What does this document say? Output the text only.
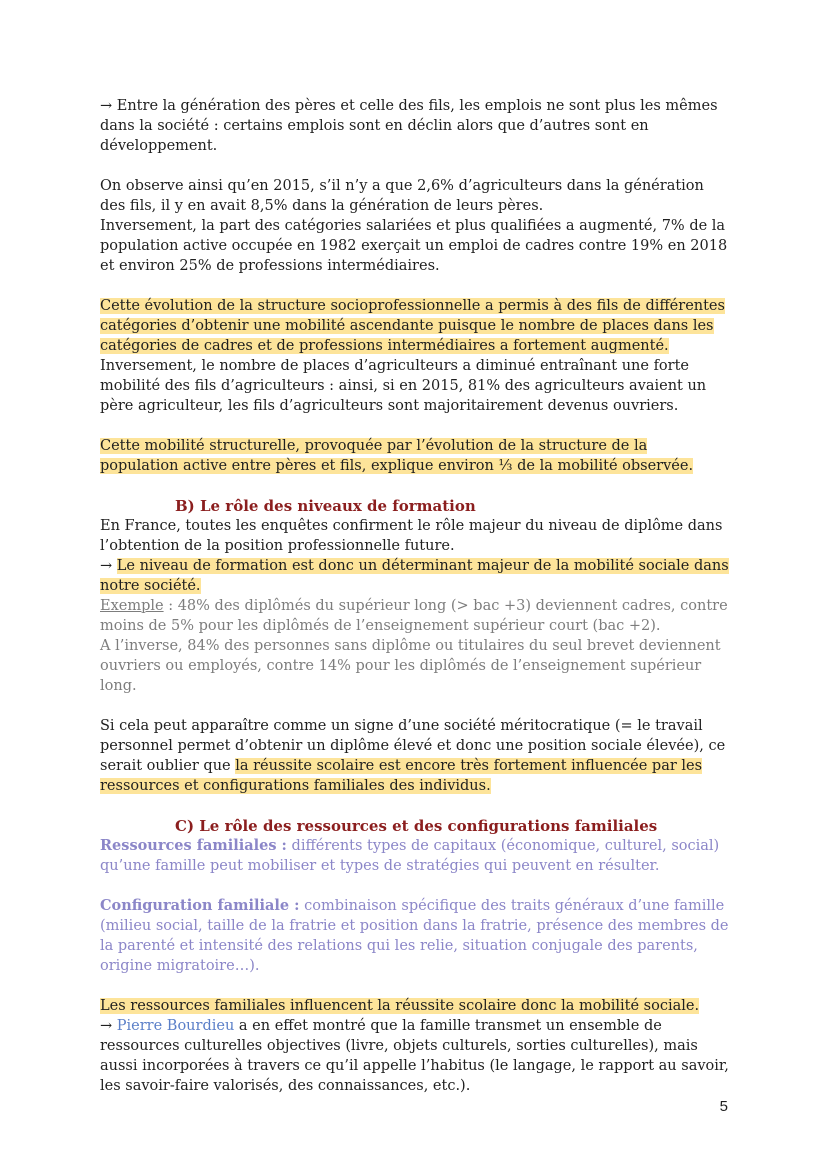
→ Entre la génération des pères et celle des fils, les emplois ne sont plus les mêmes dans la société : certains emplois sont en déclin alors que d’autres sont en développement.

On observe ainsi qu’en 2015, s’il n’y a que 2,6% d’agriculteurs dans la génération des fils, il y en avait 8,5% dans la génération de leurs pères.

Inversement, la part des catégories salariées et plus qualifiées a augmenté, 7% de la population active occupée en 1982 exerçait un emploi de cadres contre 19% en 2018 et environ 25% de professions intermédiaires.

Cette évolution de la structure socioprofessionnelle a permis à des fils de différentes catégories d’obtenir une mobilité ascendante puisque le nombre de places dans les catégories de cadres et de professions intermédiaires a fortement augmenté.

Inversement, le nombre de places d’agriculteurs a diminué entraînant une forte mobilité des fils d’agriculteurs : ainsi, si en 2015, 81% des agriculteurs avaient un père agriculteur, les fils d’agriculteurs sont majoritairement devenus ouvriers.

Cette mobilité structurelle, provoquée par l’évolution de la structure de la population active entre pères et fils, explique environ ⅓ de la mobilité observée.

B) Le rôle des niveaux de formation

En France, toutes les enquêtes confirment le rôle majeur du niveau de diplôme dans l’obtention de la position professionnelle future.

→ Le niveau de formation est donc un déterminant majeur de la mobilité sociale dans notre société.

Exemple : 48% des diplômés du supérieur long (> bac +3) deviennent cadres, contre moins de 5% pour les diplômés de l’enseignement supérieur court (bac +2).

A l’inverse, 84% des personnes sans diplôme ou titulaires du seul brevet deviennent ouvriers ou employés, contre 14% pour les diplômés de l’enseignement supérieur long.

Si cela peut apparaître comme un signe d’une société méritocratique (= le travail personnel permet d’obtenir un diplôme élevé et donc une position sociale élevée), ce serait oublier que la réussite scolaire est encore très fortement influencée par les ressources et configurations familiales des individus.

C) Le rôle des ressources et des configurations familiales

Ressources familiales : différents types de capitaux (économique, culturel, social) qu’une famille peut mobiliser et types de stratégies qui peuvent en résulter.

Configuration familiale : combinaison spécifique des traits généraux d’une famille (milieu social, taille de la fratrie et position dans la fratrie, présence des membres de la parenté et intensité des relations qui les relie, situation conjugale des parents, origine migratoire…).

Les ressources familiales influencent la réussite scolaire donc la mobilité sociale.

→ Pierre Bourdieu a en effet montré que la famille transmet un ensemble de ressources culturelles objectives (livre, objets culturels, sorties culturelles), mais aussi incorporées à travers ce qu’il appelle l’habitus (le langage, le rapport au savoir, les savoir-faire valorisés, des connaissances, etc.).

5
